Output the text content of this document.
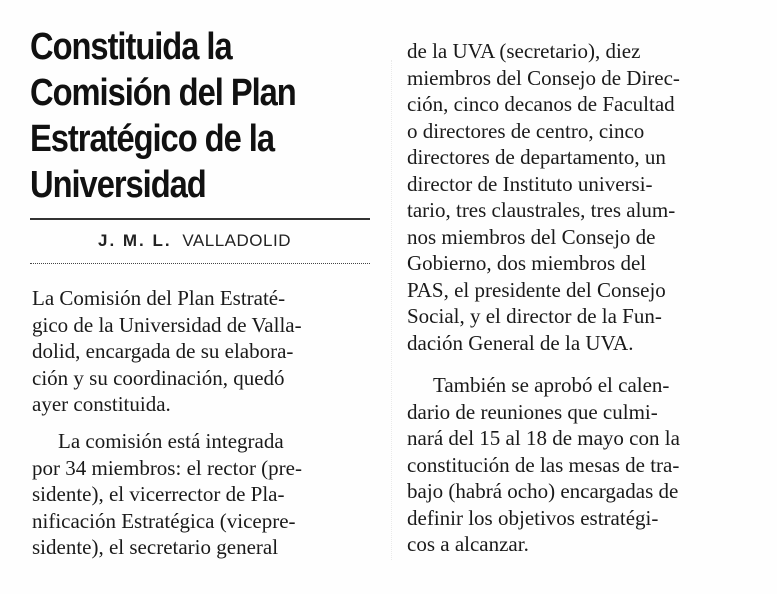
Constituida la
Comisión del Plan
Estratégico de la
Universidad
J. M. L. VALLADOLID

La Comisión del Plan Estraté-
gico de la Universidad de Valla-
dolid, encargada de su elabora-
ción y su coordinación, quedó
ayer constituida.

La comisión está integrada
por 34 miembros: el rector (pre-
sidente), el vicerrector de Pla-
nificación Estratégica (vicepre-
sidente), el secretario general

de la UVA (secretario), diez
miembros del Consejo de Direc-
ción, cinco decanos de Facultad
o directores de centro, cinco
directores de departamento, un
director de Instituto universi-
tario, tres claustrales, tres alum-
nos miembros del Consejo de
Gobierno, dos miembros del
PAS, el presidente del Consejo
Social, y el director de la Fun-
dación General de la UVA.

También se aprobó el calen-
dario de reuniones que culmi-
nará del 15 al 18 de mayo con la
constitución de las mesas de tra-
bajo (habrá ocho) encargadas de
definir los objetivos estratégi-
cos a alcanzar.
